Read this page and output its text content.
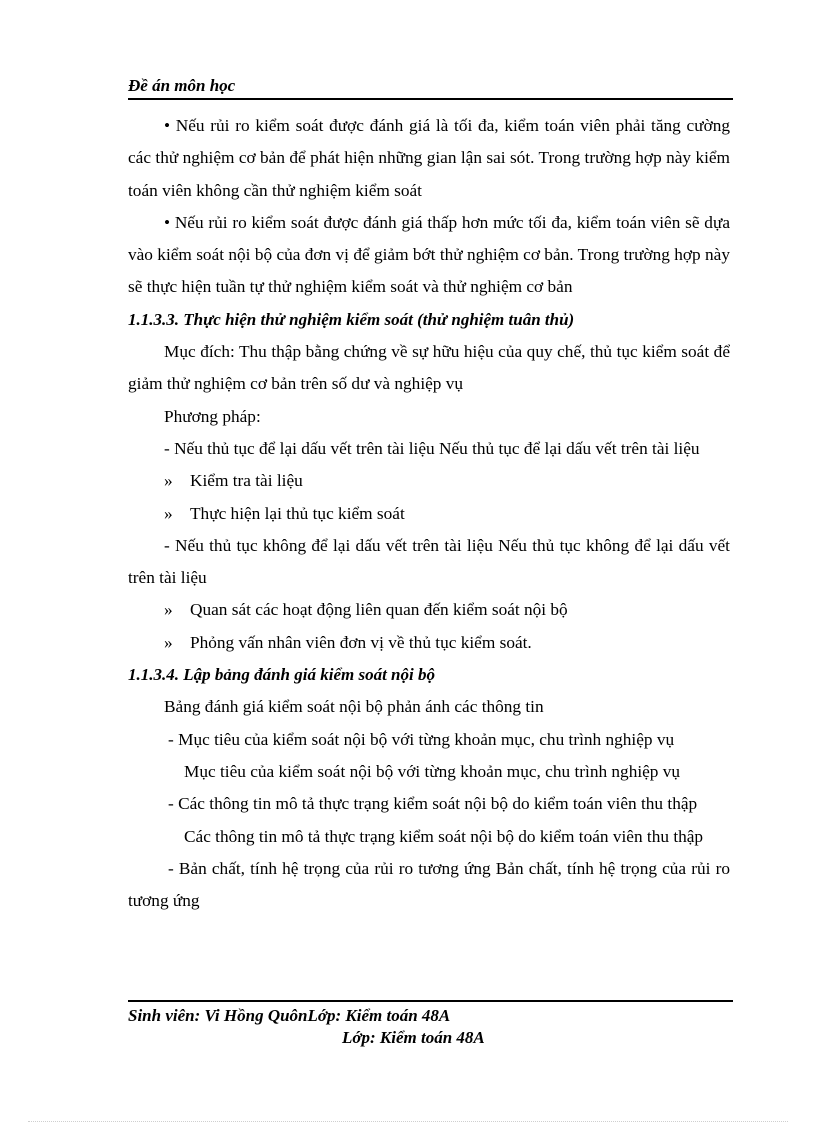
Đề án môn học

• Nếu rủi ro kiểm soát được đánh giá là tối đa, kiểm toán viên phải tăng cường các thử nghiệm cơ bản để phát hiện những gian lận sai sót. Trong trường hợp này kiểm toán viên không cần thử nghiệm kiểm soát

• Nếu rủi ro kiểm soát được đánh giá thấp hơn mức tối đa, kiểm toán viên sẽ dựa vào kiểm soát nội bộ của đơn vị để giảm bớt thử nghiệm cơ bản. Trong trường hợp này sẽ thực hiện tuần tự thử nghiệm kiểm soát và thử nghiệm cơ bản

1.1.3.3. Thực hiện thử nghiệm kiểm soát (thử nghiệm tuân thủ)

Mục đích: Thu thập bằng chứng về sự hữu hiệu của quy chế, thủ tục kiểm soát để giảm thử nghiệm cơ bản trên số dư và nghiệp vụ

Phương pháp:

- Nếu thủ tục để lại dấu vết trên tài liệu Nếu thủ tục để lại dấu vết trên tài liệu

» Kiểm tra tài liệu

» Thực hiện lại thủ tục kiểm soát

- Nếu thủ tục không để lại dấu vết trên tài liệu Nếu thủ tục không để lại dấu vết trên tài liệu

» Quan sát các hoạt động liên quan đến kiểm soát nội bộ

» Phỏng vấn nhân viên đơn vị về thủ tục kiểm soát.

1.1.3.4. Lập bảng đánh giá kiểm soát nội bộ

Bảng đánh giá kiểm soát nội bộ phản ánh các thông tin

- Mục tiêu của kiểm soát nội bộ với từng khoản mục, chu trình nghiệp vụ
Mục tiêu của kiểm soát nội bộ với từng khoản mục, chu trình nghiệp vụ

- Các thông tin mô tả thực trạng kiểm soát nội bộ do kiểm toán viên thu thập
Các thông tin mô tả thực trạng kiểm soát nội bộ do kiểm toán viên thu thập

- Bản chất, tính hệ trọng của rủi ro tương ứng Bản chất, tính hệ trọng của rủi ro tương ứng

Sinh viên: Vi Hồng QuônLớp: Kiểm toán 48A
Lớp: Kiểm toán 48A
